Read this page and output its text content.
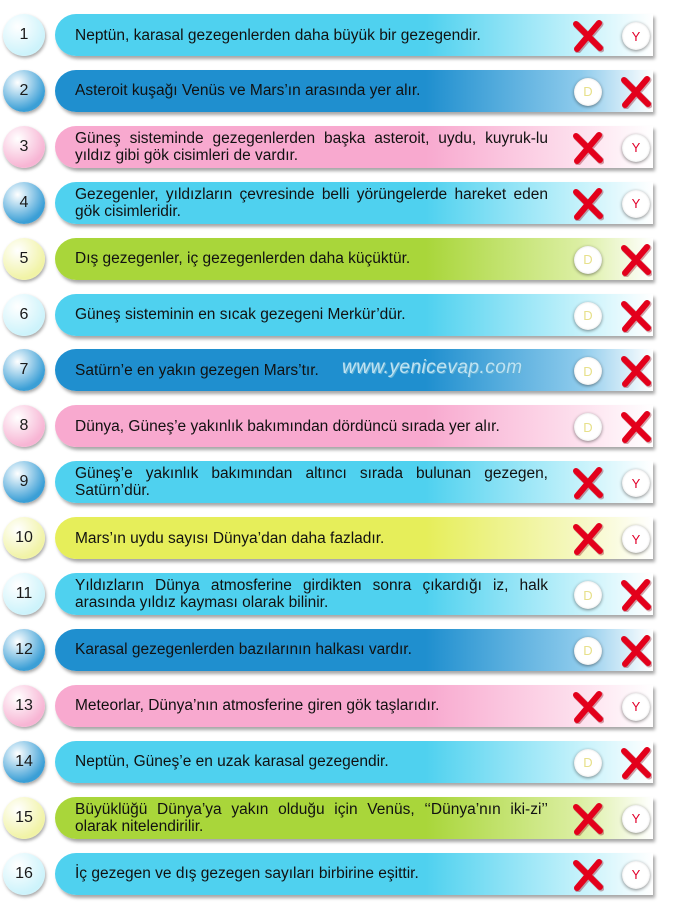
1	Neptün, karasal gezegenlerden daha büyük bir gezegendir.	Y
2	Asteroit kuşağı Venüs ve Mars’ın arasında yer alır.	D
3	Güneş sisteminde gezegenlerden başka asteroit, uydu, kuyruk-lu yıldız gibi gök cisimleri de vardır.	Y
4	Gezegenler, yıldızların çevresinde belli yörüngelerde hareket eden gök cisimleridir.	Y
5	Dış gezegenler, iç gezegenlerden daha küçüktür.	D
6	Güneş sisteminin en sıcak gezegeni Merkür’dür.	D
7	Satürn’e en yakın gezegen Mars’tır.	D
8	Dünya, Güneş’e yakınlık bakımından dördüncü sırada yer alır.	D
9	Güneş’e yakınlık bakımından altıncı sırada bulunan gezegen, Satürn’dür.	Y
10	Mars’ın uydu sayısı Dünya’dan daha fazladır.	Y
11	Yıldızların Dünya atmosferine girdikten sonra çıkardığı iz, halk arasında yıldız kayması olarak bilinir.	D
12	Karasal gezegenlerden bazılarının halkası vardır.	D
13	Meteorlar, Dünya’nın atmosferine giren gök taşlarıdır.	Y
14	Neptün, Güneş’e en uzak karasal gezegendir.	D
15	Büyüklüğü Dünya’ya yakın olduğu için Venüs, ‘‘Dünya’nın iki-zi’’ olarak nitelendirilir.	Y
16	İç gezegen ve dış gezegen sayıları birbirine eşittir.	Y
www.yenicevap.com
